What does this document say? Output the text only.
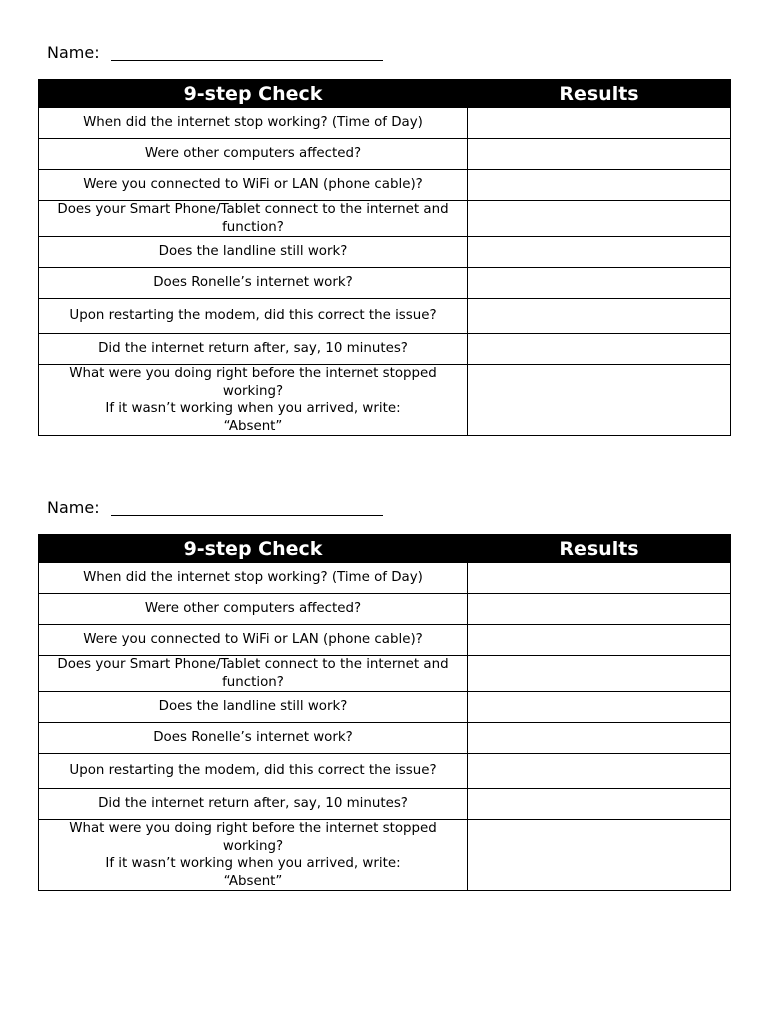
Name:
9-step Check	Results
When did the internet stop working? (Time of Day)	
Were other computers affected?	
Were you connected to WiFi or LAN (phone cable)?	
Does your Smart Phone/Tablet connect to the internet and function?	
Does the landline still work?	
Does Ronelle’s internet work?	
Upon restarting the modem, did this correct the issue?	
Did the internet return after, say, 10 minutes?	

What were you doing right before the internet stopped working?
If it wasn’t working when you arrived, write:
“Absent”	

Name:
9-step Check	Results
When did the internet stop working? (Time of Day)	
Were other computers affected?	
Were you connected to WiFi or LAN (phone cable)?	
Does your Smart Phone/Tablet connect to the internet and function?	
Does the landline still work?	
Does Ronelle’s internet work?	
Upon restarting the modem, did this correct the issue?	
Did the internet return after, say, 10 minutes?	

What were you doing right before the internet stopped working?
If it wasn’t working when you arrived, write:
“Absent”	
